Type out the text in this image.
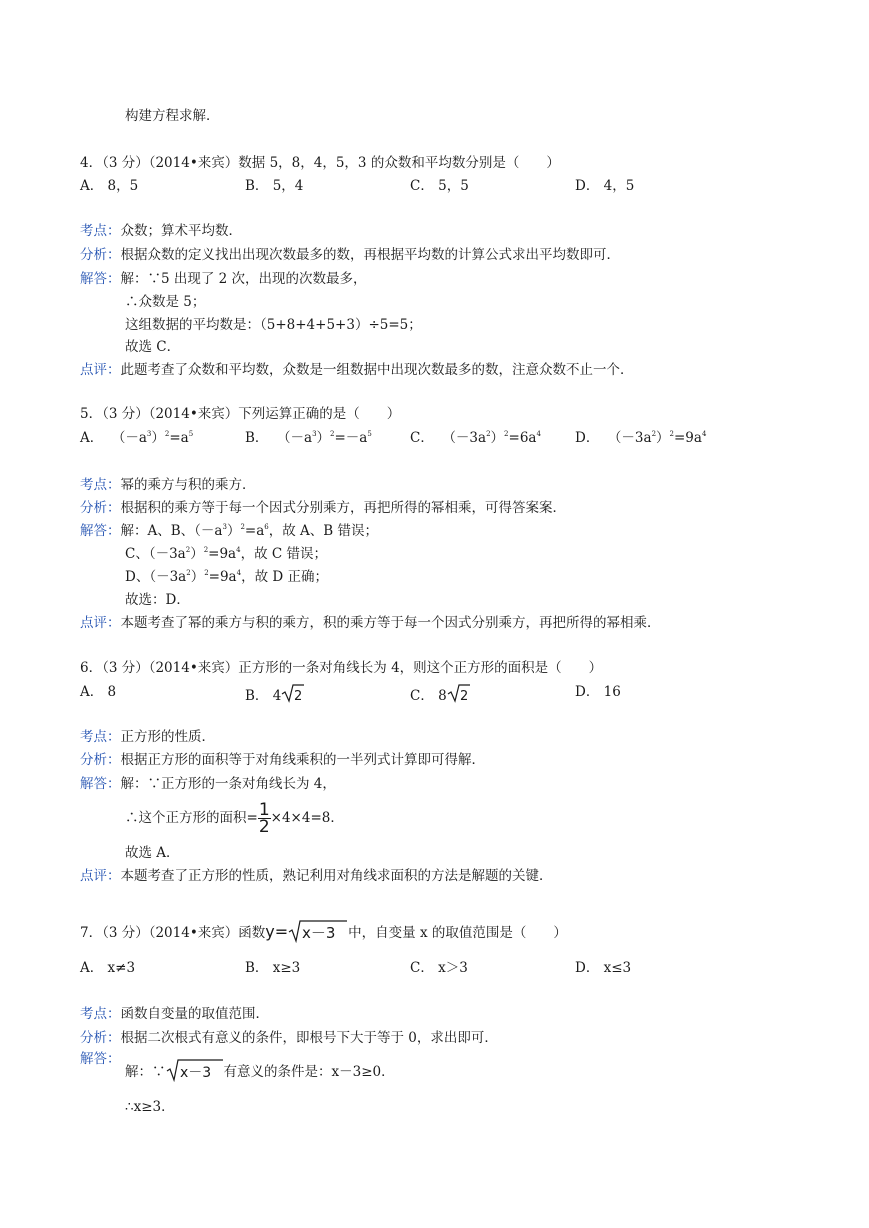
构建方程求解．
4．（3 分）（2014•来宾）数据 5，8，4，5，3 的众数和平均数分别是（　　）
A． 8，5	B． 5，4	C． 5，5	D． 4，5
考点：众数；算术平均数．
分析：根据众数的定义找出出现次数最多的数，再根据平均数的计算公式求出平均数即可．
解答：解：∵5 出现了 2 次，出现的次数最多，
∴众数是 5；
这组数据的平均数是：（5+8+4+5+3）÷5=5；
故选 C．
点评：此题考查了众数和平均数，众数是一组数据中出现次数最多的数，注意众数不止一个．
5．（3 分）（2014•来宾）下列运算正确的是（　　）
A．  $(-a^3)^2=a^5$	B．  $(-a^3)^2=-a^5$	C．  $(-3a^2)^2=6a^4$	D．  $(-3a^2)^2=9a^4$
考点：幂的乘方与积的乘方．
分析：根据积的乘方等于每一个因式分别乘方，再把所得的幂相乘，可得答案案．
解答：解：A、B、$(-a^3)^2=a^6$，故 A、B 错误；
C、$(-3a^2)^2=9a^4$，故 C 错误；
D、$(-3a^2)^2=9a^4$，故 D 正确；
故选：D．
点评：本题考查了幂的乘方与积的乘方，积的乘方等于每一个因式分别乘方，再把所得的幂相乘．
6．（3 分）（2014•来宾）正方形的一条对角线长为 4，则这个正方形的面积是（　　）
A． 8	B． 4 2	C． 8 2	D． 16
考点：正方形的性质．
分析：根据正方形的面积等于对角线乘积的一半列式计算即可得解．
解答：解：∵正方形的一条对角线长为 4，
∴这个正方形的面积= $\frac{1}{2} \times 4\times 4=8$．
故选 A．
点评：本题考查了正方形的性质，熟记利用对角线求面积的方法是解题的关键．
7．（3 分）（2014•来宾）函数y= x－3 中，自变量 x 的取值范围是（　　）
A． x≠3	B． x≥3	C． x＞3	D． x≤3
考点：函数自变量的取值范围．
分析：根据二次根式有意义的条件，即根号下大于等于 0，求出即可．
解答：
解：∵ x－3 有意义的条件是：x－3≥0．
∴x≥3．
